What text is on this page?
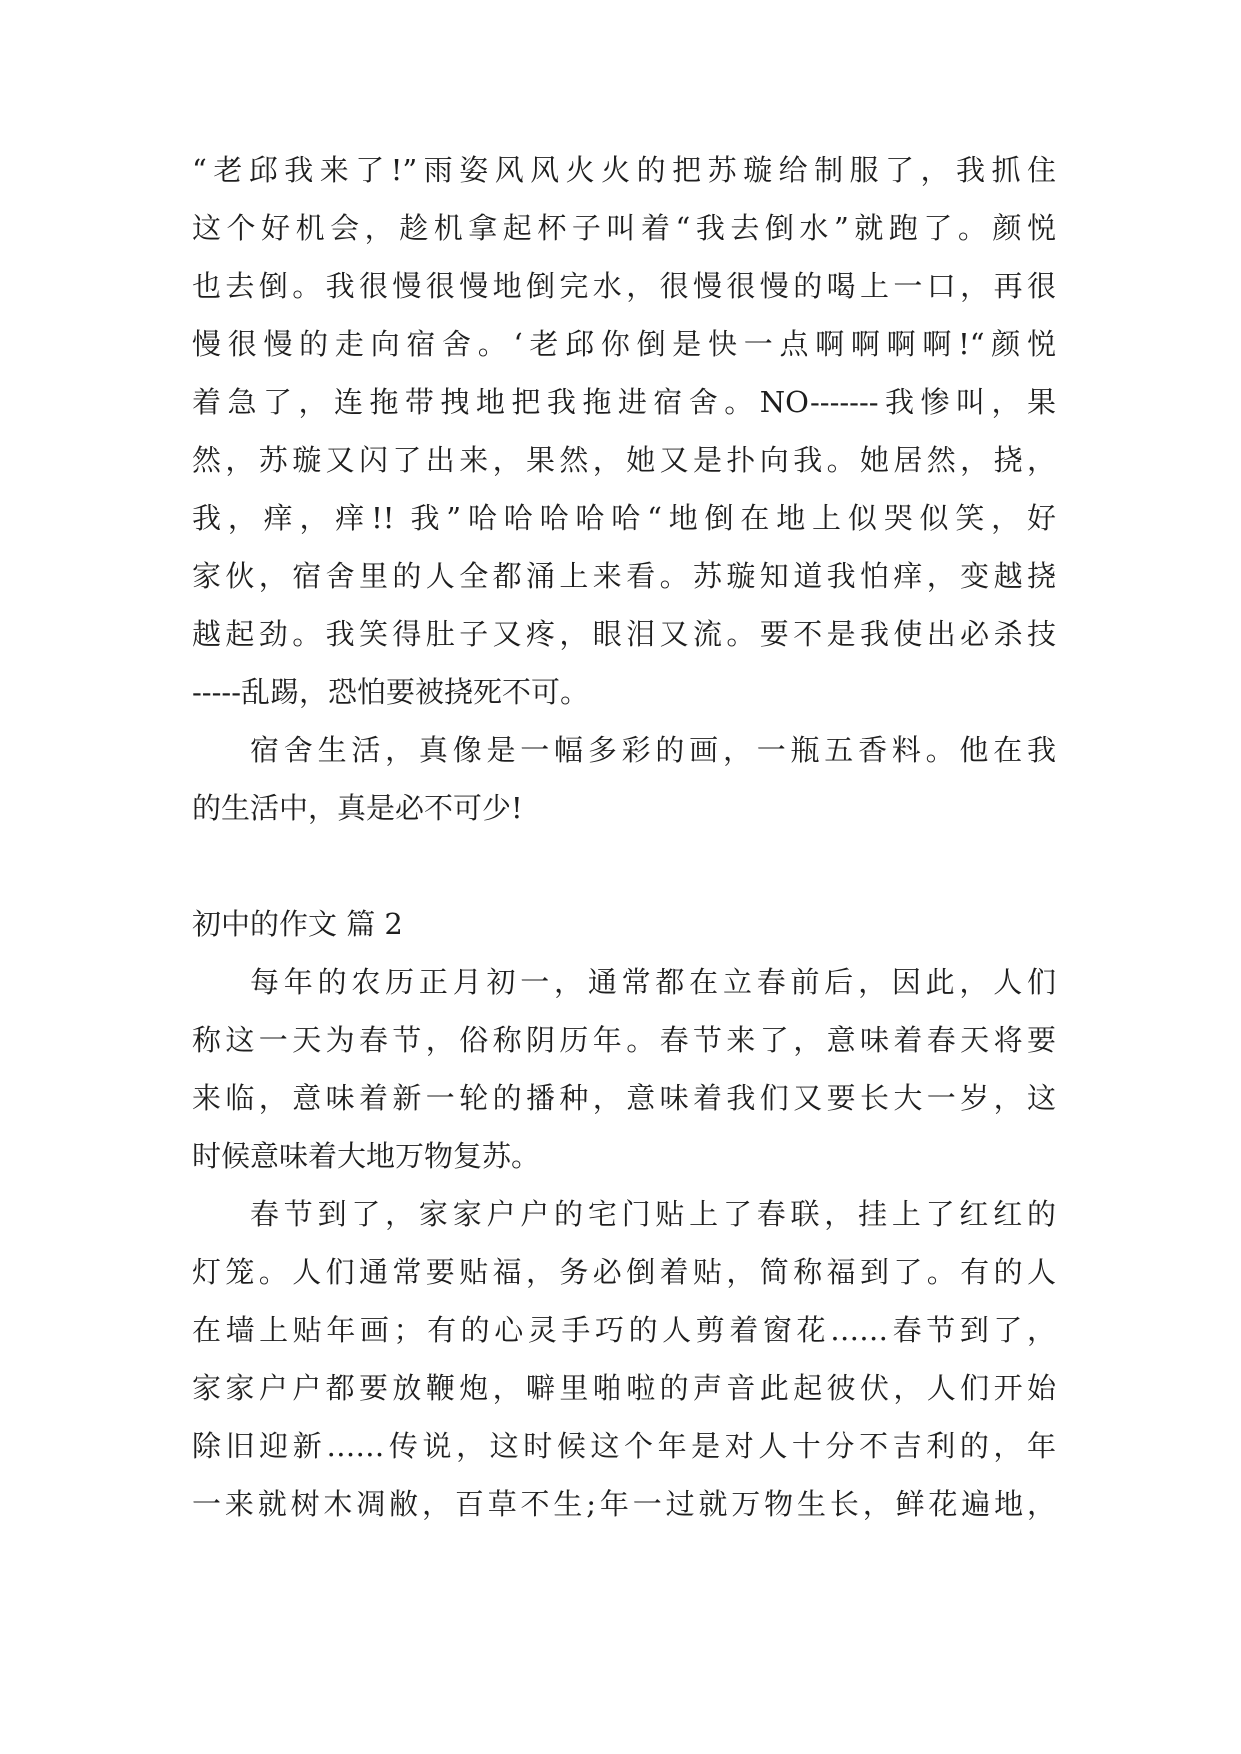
“老邱我来了!”雨姿风风火火的把苏璇给制服了，我抓住
这个好机会，趁机拿起杯子叫着“我去倒水”就跑了。颜悦
也去倒。我很慢很慢地倒完水，很慢很慢的喝上一口，再很
慢很慢的走向宿舍。‘老邱你倒是快一点啊啊啊啊!“颜悦
着急了，连拖带拽地把我拖进宿舍。NO-------我惨叫，果
然，苏璇又闪了出来，果然，她又是扑向我。她居然，挠，
我，痒，痒!! 我”哈哈哈哈哈“地倒在地上似哭似笑，好
家伙，宿舍里的人全都涌上来看。苏璇知道我怕痒，变越挠
越起劲。我笑得肚子又疼，眼泪又流。要不是我使出必杀技
-----乱踢，恐怕要被挠死不可。
宿舍生活，真像是一幅多彩的画，一瓶五香料。他在我
的生活中，真是必不可少!
初中的作文 篇 2
每年的农历正月初一，通常都在立春前后，因此，人们
称这一天为春节，俗称阴历年。春节来了，意味着春天将要
来临，意味着新一轮的播种，意味着我们又要长大一岁，这
时候意味着大地万物复苏。
春节到了，家家户户的宅门贴上了春联，挂上了红红的
灯笼。人们通常要贴福，务必倒着贴，简称福到了。有的人
在墙上贴年画；有的心灵手巧的人剪着窗花……春节到了，
家家户户都要放鞭炮，噼里啪啦的声音此起彼伏，人们开始
除旧迎新……传说，这时候这个年是对人十分不吉利的，年
一来就树木凋敝，百草不生;年一过就万物生长，鲜花遍地，
